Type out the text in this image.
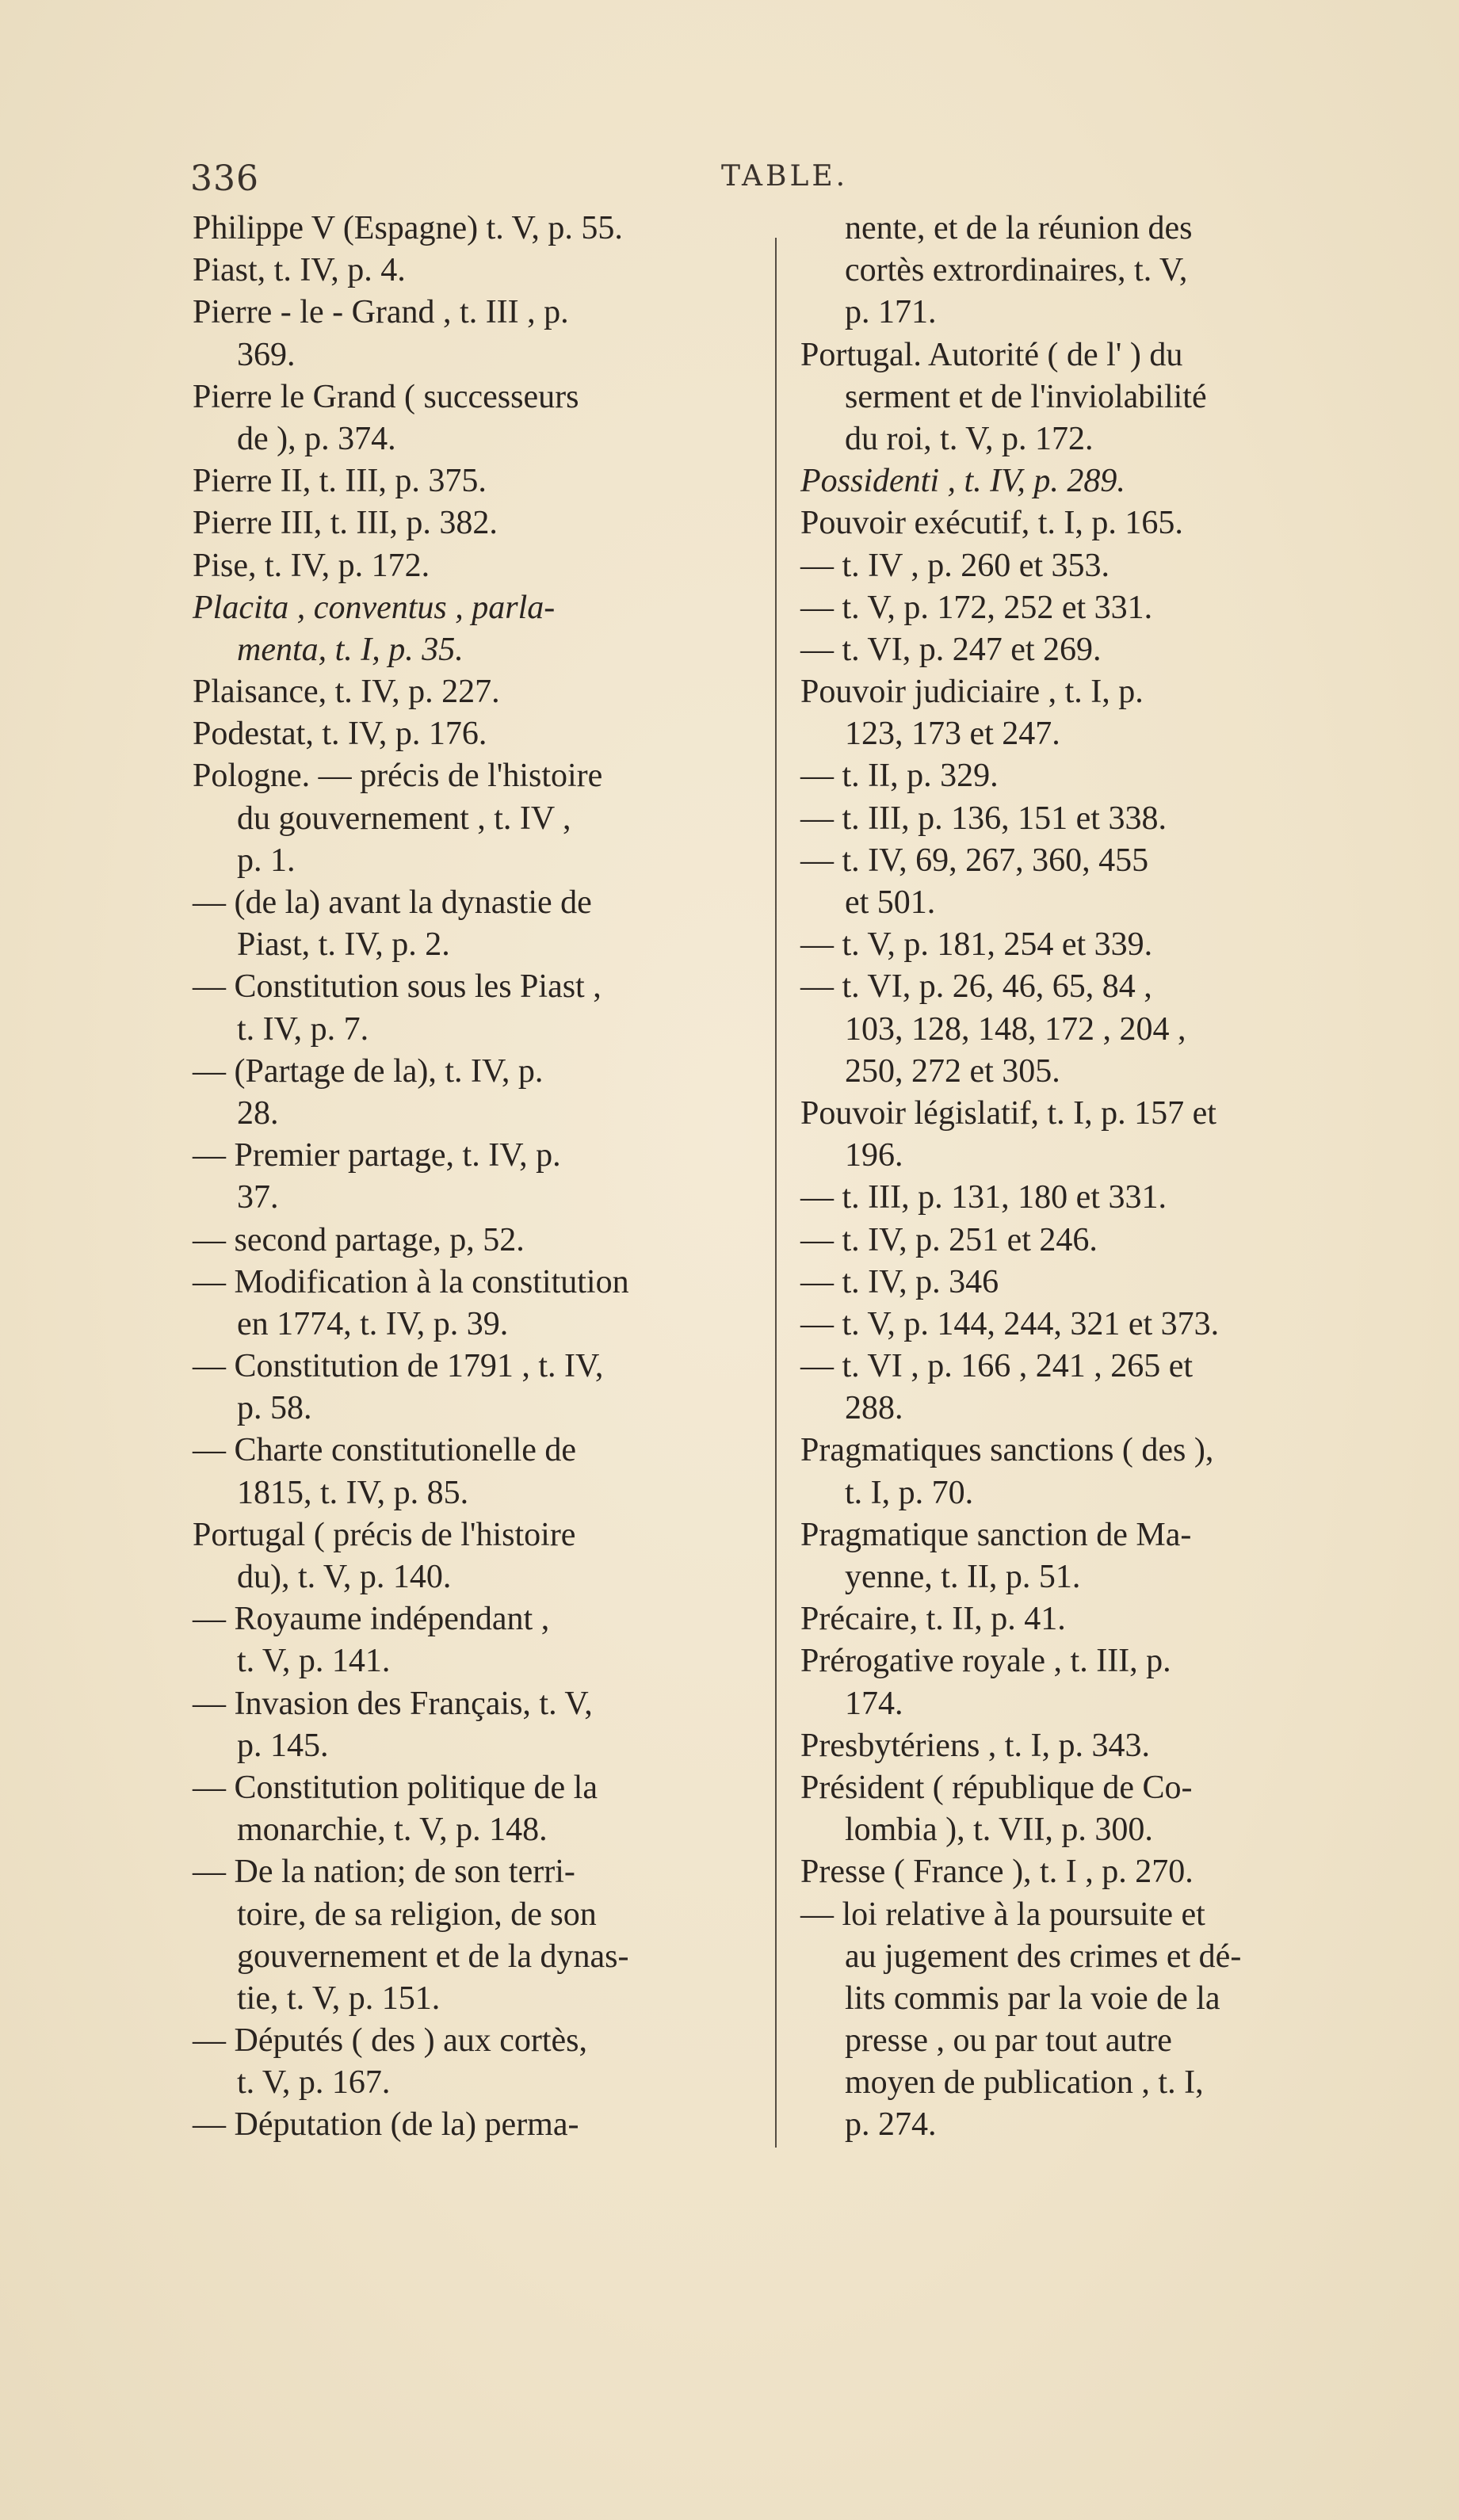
336	TABLE.
Philippe V (Espagne) t. V, p. 55.
Piast, t. IV, p. 4.
Pierre - le - Grand , t. III , p.
369.
Pierre le Grand ( successeurs
de ), p. 374.
Pierre II, t. III, p. 375.
Pierre III, t. III, p. 382.
Pise, t. IV, p. 172.
Placita , conventus , parla-
menta, t. I, p. 35.
Plaisance, t. IV, p. 227.
Podestat, t. IV, p. 176.
Pologne. — précis de l'histoire
du gouvernement , t. IV ,
p. 1.
— (de la) avant la dynastie de
Piast, t. IV, p. 2.
— Constitution sous les Piast ,
t. IV, p. 7.
— (Partage de la), t. IV, p.
28.
— Premier partage, t. IV, p.
37.
— second partage, p, 52.
— Modification à la constitution
en 1774, t. IV, p. 39.
— Constitution de 1791 , t. IV,
p. 58.
— Charte constitutionelle de
1815, t. IV, p. 85.
Portugal ( précis de l'histoire
du), t. V, p. 140.
— Royaume indépendant ,
t. V, p. 141.
— Invasion des Français, t. V,
p. 145.
— Constitution politique de la
monarchie, t. V, p. 148.
— De la nation; de son terri-
toire, de sa religion, de son
gouvernement et de la dynas-
tie, t. V, p. 151.
— Députés ( des ) aux cortès,
t. V, p. 167.
— Députation (de la) perma-
nente, et de la réunion des
cortès extrordinaires, t. V,
p. 171.
Portugal. Autorité ( de l' ) du
serment et de l'inviolabilité
du roi, t. V, p. 172.
Possidenti , t. IV, p. 289.
Pouvoir exécutif, t. I, p. 165.
— t. IV , p. 260 et 353.
— t. V, p. 172, 252 et 331.
— t. VI, p. 247 et 269.
Pouvoir judiciaire , t. I, p.
123, 173 et 247.
— t. II, p. 329.
— t. III, p. 136, 151 et 338.
— t. IV, 69, 267, 360, 455
et 501.
— t. V, p. 181, 254 et 339.
— t. VI, p. 26, 46, 65, 84 ,
103, 128, 148, 172 , 204 ,
250, 272 et 305.
Pouvoir législatif, t. I, p. 157 et
196.
— t. III, p. 131, 180 et 331.
— t. IV, p. 251 et 246.
— t. IV, p. 346
— t. V, p. 144, 244, 321 et 373.
— t. VI , p. 166 , 241 , 265 et
288.
Pragmatiques sanctions ( des ),
t. I, p. 70.
Pragmatique sanction de Ma-
yenne, t. II, p. 51.
Précaire, t. II, p. 41.
Prérogative royale , t. III, p.
174.
Presbytériens , t. I, p. 343.
Président ( république de Co-
lombia ), t. VII, p. 300.
Presse ( France ), t. I , p. 270.
— loi relative à la poursuite et
au jugement des crimes et dé-
lits commis par la voie de la
presse , ou par tout autre
moyen de publication , t. I,
p. 274.
